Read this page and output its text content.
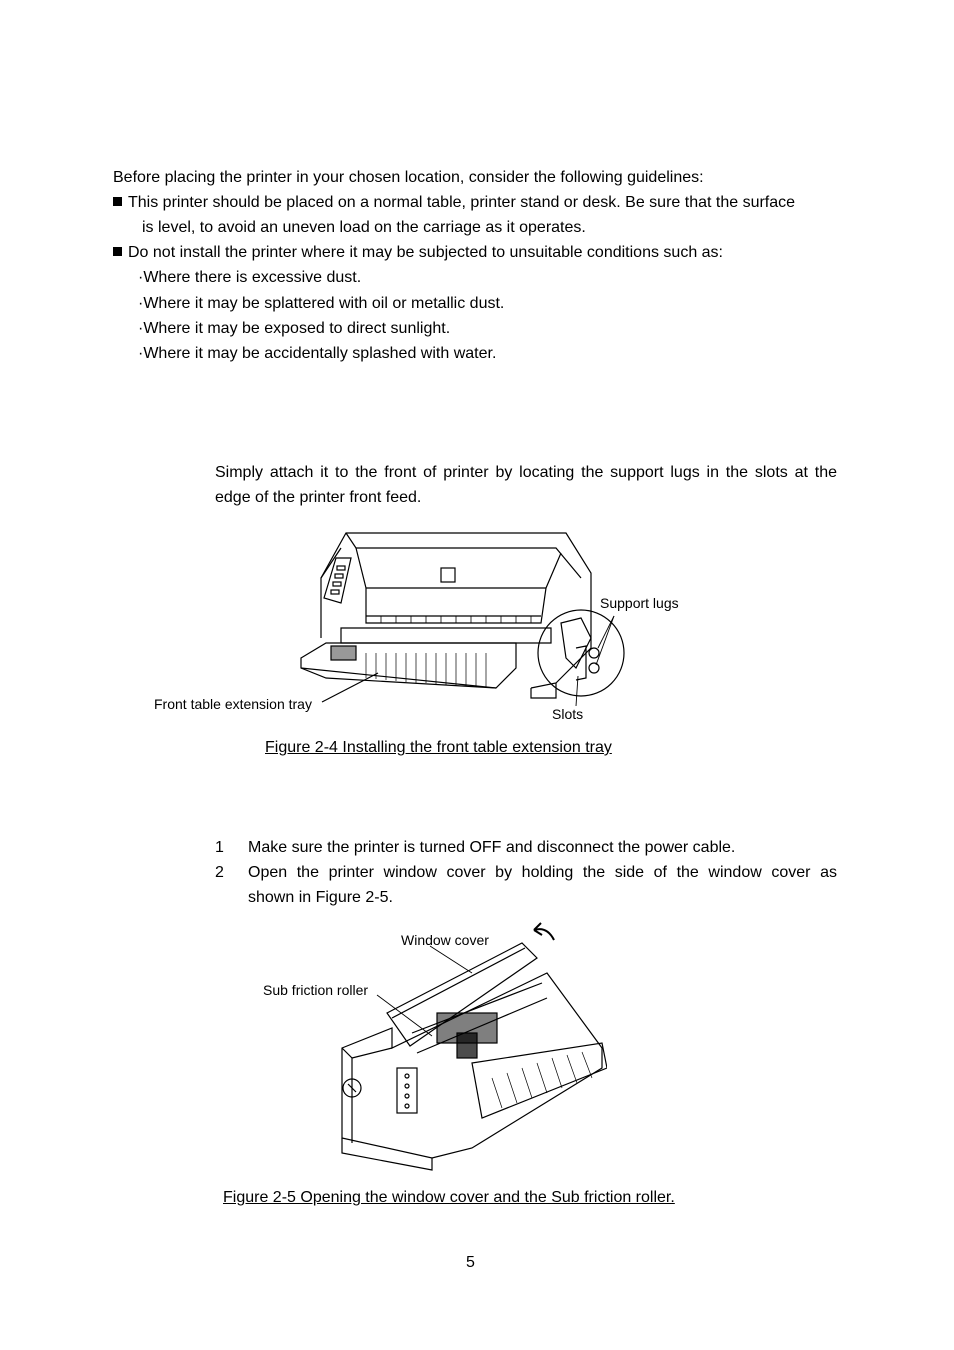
Before placing the printer in your chosen location, consider the following guidelines:
This printer should be placed on a normal table, printer stand or desk. Be sure that the surface
is level, to avoid an uneven load on the carriage as it operates.
Do not install the printer where it may be subjected to unsuitable conditions such as:
·Where there is excessive dust.
·Where it may be splattered with oil or metallic dust.
·Where it may be exposed to direct sunlight.
·Where it may be accidentally splashed with water.
Simply attach it to the front of printer by locating the support lugs in the slots at the
edge of the printer front feed.
Support lugs
Front table extension tray
Slots
Figure 2-4 Installing the front table extension tray
1 Make sure the printer is turned OFF and disconnect the power cable.
2 Open the printer window cover by holding the side of the window cover as
shown in Figure 2-5.
Window cover
Sub friction roller
Figure 2-5 Opening the window cover and the Sub friction roller.
5
